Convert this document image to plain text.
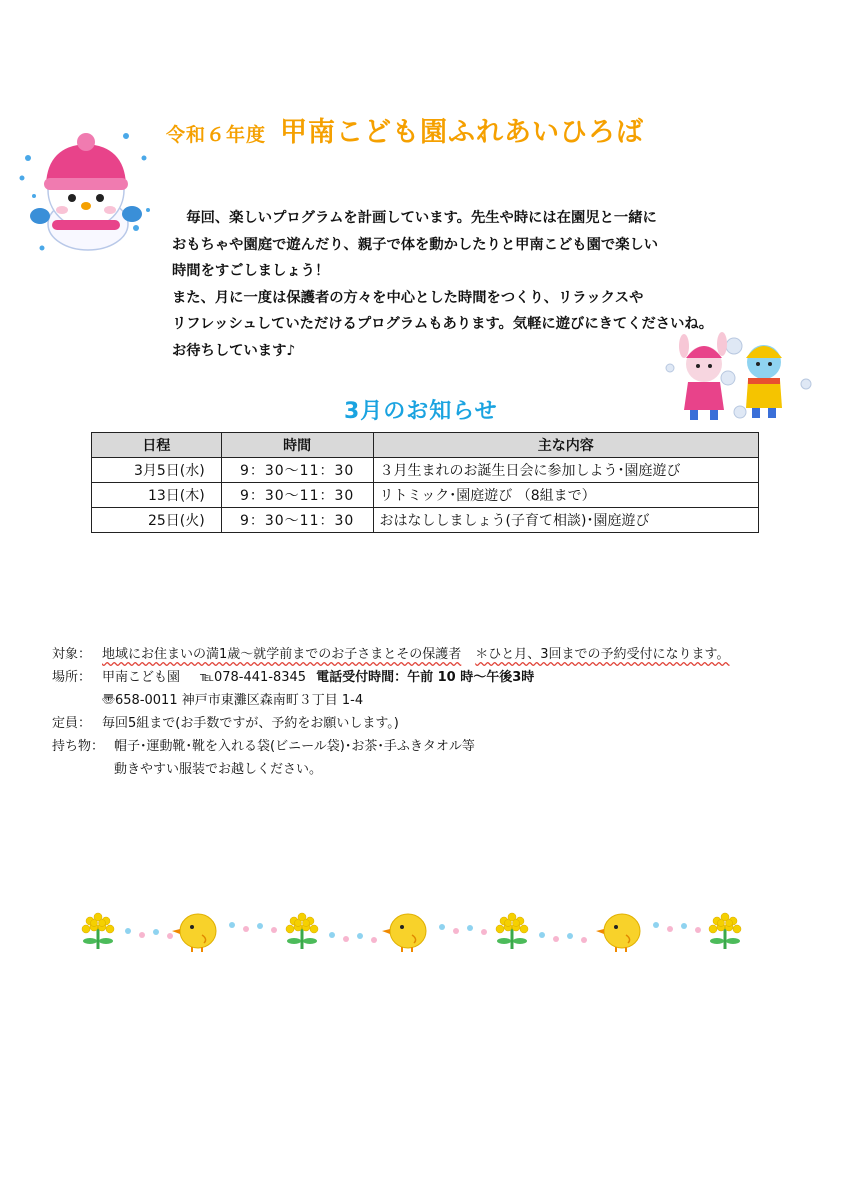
令和６年度 甲南こども園ふれあいひろば

　毎回、楽しいプログラムを計画しています。先生や時には在園児と一緒に

おもちゃや園庭で遊んだり、親子で体を動かしたりと甲南こども園で楽しい

時間をすごしましょう！

また、月に一度は保護者の方々を中心とした時間をつくり、リラックスや

リフレッシュしていただけるプログラムもあります。気軽に遊びにきてくださいね。

お待ちしています♪

3月のお知らせ
日程	時間	主な内容
3月5日(水)	9：30～11：30	３月生まれのお誕生日会に参加しよう･園庭遊び
13日(木)	9：30～11：30	リトミック･園庭遊び （8組まで）
25日(火)	9：30～11：30	おはなししましょう(子育て相談)･園庭遊び
対象： 地域にお住まいの満1歳～就学前までのお子さまとその保護者 ＊ひと月、3回までの予約受付になります。
場所： 甲南こども園 ℡078-441-8345 電話受付時間：午前 10 時～午後3時
〠658-0011 神戸市東灘区森南町３丁目 1-4
定員： 毎回5組まで(お手数ですが、予約をお願いします。)
持ち物： 帽子･運動靴･靴を入れる袋(ビニール袋)･お茶･手ふきタオル等
動きやすい服装でお越しください。
